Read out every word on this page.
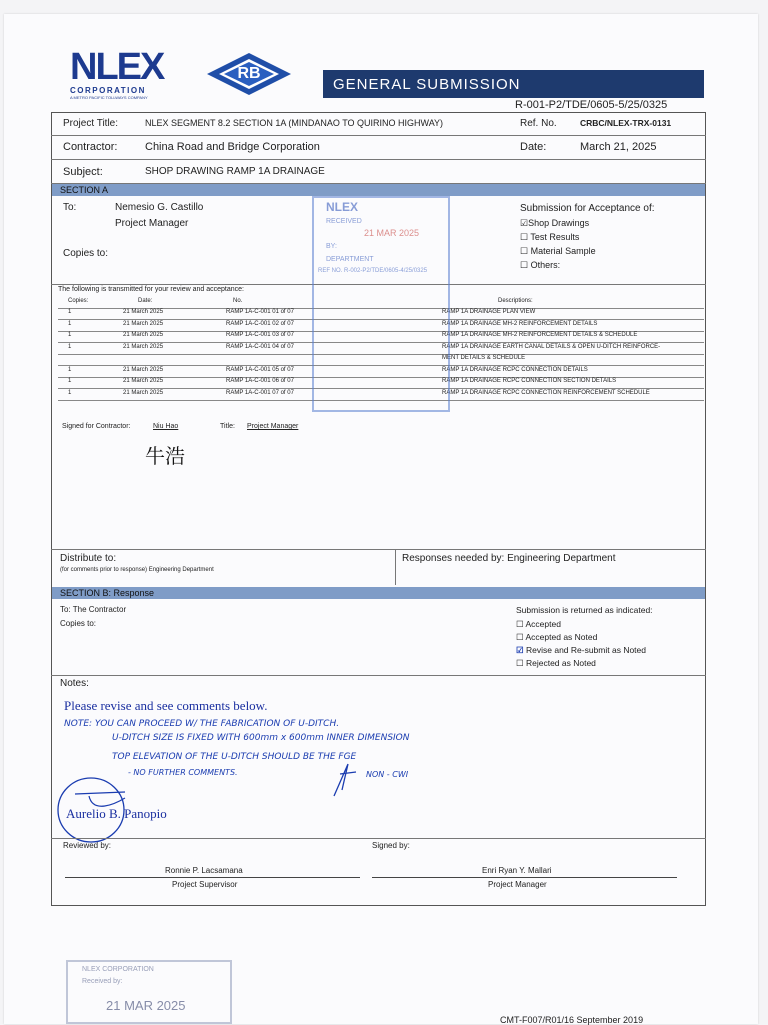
NLEX
CORPORATION
A METRO PACIFIC TOLLWAYS COMPANY
RB
GENERAL SUBMISSION
R-001-P2/TDE/0605-5/25/0325
Project Title:	NLEX SEGMENT 8.2 SECTION 1A (MINDANAO TO QUIRINO HIGHWAY)	Ref. No.	CRBC/NLEX-TRX-0131
Contractor:	China Road and Bridge Corporation	Date:	March 21, 2025
Subject:	SHOP DRAWING RAMP 1A DRAINAGE
SECTION A
To:	Nemesio G. Castillo
Project Manager
Copies to:
Submission for Acceptance of:
☑Shop Drawings
☐ Test Results
☐ Material Sample
☐ Others:
The following is transmitted for your review and acceptance:
Copies:	Date:	No.	Descriptions:
1	21 March 2025	RAMP 1A-C-001 01 of 07	RAMP 1A DRAINAGE PLAN VIEW
1	21 March 2025	RAMP 1A-C-001 02 of 07	RAMP 1A DRAINAGE MH-2 REINFORCEMENT DETAILS
1	21 March 2025	RAMP 1A-C-001 03 of 07	RAMP 1A DRAINAGE MH-2 REINFORCEMENT DETAILS & SCHEDULE
1	21 March 2025	RAMP 1A-C-001 04 of 07	RAMP 1A DRAINAGE EARTH CANAL DETAILS & OPEN U-DITCH REINFORCE-
MENT DETAILS & SCHEDULE
1	21 March 2025	RAMP 1A-C-001 05 of 07	RAMP 1A DRAINAGE RCPC CONNECTION DETAILS
1	21 March 2025	RAMP 1A-C-001 06 of 07	RAMP 1A DRAINAGE RCPC CONNECTION SECTION DETAILS
1	21 March 2025	RAMP 1A-C-001 07 of 07	RAMP 1A DRAINAGE RCPC CONNECTION REINFORCEMENT SCHEDULE
Signed for Contractor:	Niu Hao	Title: Project Manager
牛浩
NLEX
RECEIVED
21 MAR 2025
BY:
DEPARTMENT
REF NO. R-002-P2/TDE/0605-4/25/0325
Distribute to:
(for comments prior to response) Engineering Department
Responses needed by: Engineering Department
SECTION B: Response
To: The Contractor
Copies to:
Submission is returned as indicated:
☐ Accepted
☐ Accepted as Noted
☑ Revise and Re-submit as Noted
☐ Rejected as Noted
Notes:
Please revise and see comments below.
NOTE: YOU CAN PROCEED W/ THE FABRICATION OF U-DITCH.
U-DITCH SIZE IS FIXED WITH 600mm x 600mm INNER DIMENSION
TOP ELEVATION OF THE U-DITCH SHOULD BE THE FGE
- NO FURTHER COMMENTS.	NON - CWI
Aurelio B. Panopio
Reviewed by:	Signed by:
Ronnie P. Lacsamana
Project Supervisor
Enri Ryan Y. Mallari
Project Manager
NLEX CORPORATION
Received by:
21 MAR 2025
CMT-F007/R01/16 September 2019
